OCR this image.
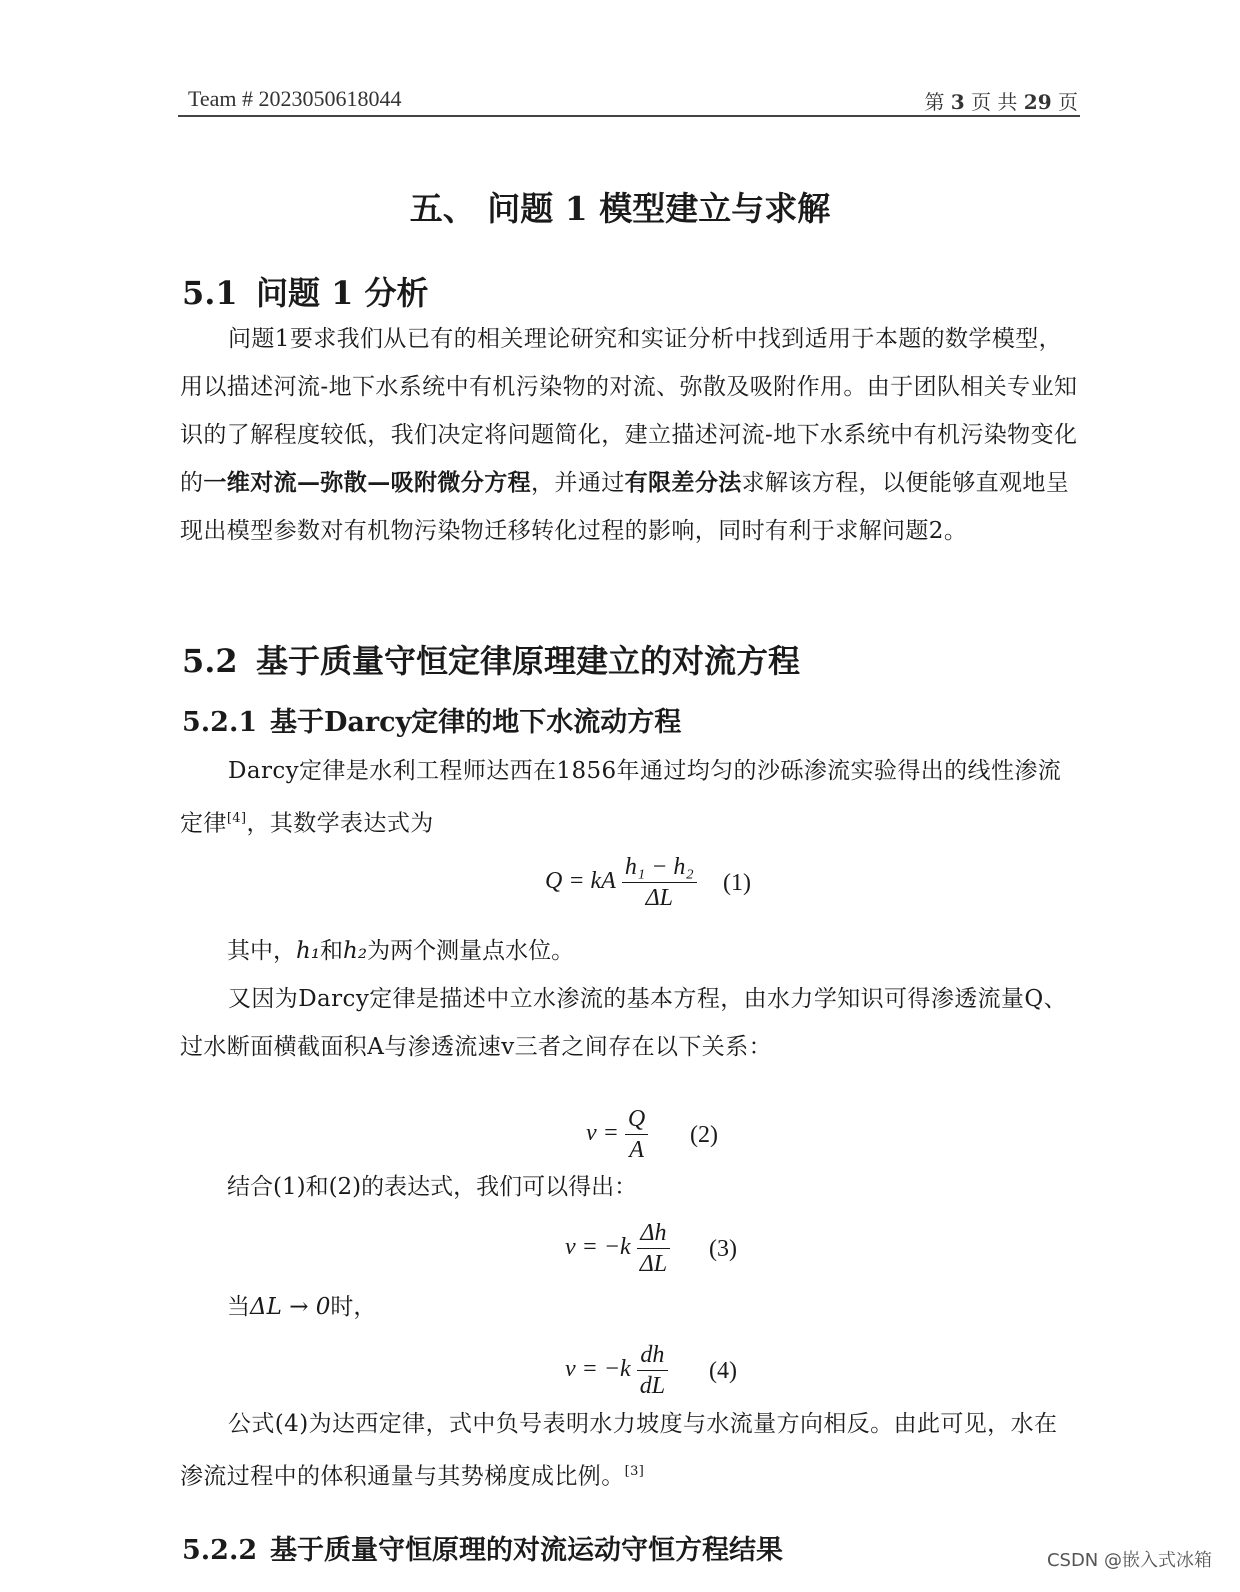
Team # 2023050618044	第 3 页 共 29 页
五、 问题 1 模型建立与求解
5.1 问题 1 分析

问题1要求我们从已有的相关理论研究和实证分析中找到适用于本题的数学模型，用以描述河流-地下水系统中有机污染物的对流、弥散及吸附作用。由于团队相关专业知识的了解程度较低，我们决定将问题简化，建立描述河流-地下水系统中有机污染物变化的一维对流—弥散—吸附微分方程，并通过有限差分法求解该方程，以便能够直观地呈现出模型参数对有机物污染物迁移转化过程的影响，同时有利于求解问题2。

5.2 基于质量守恒定律原理建立的对流方程
5.2.1 基于Darcy定律的地下水流动方程

Darcy定律是水利工程师达西在1856年通过均匀的沙砾渗流实验得出的线性渗流定律[4]，其数学表达式为

Q = kA $\frac{\text{h₁ − h₂}}{\Delta L} (1)$
其中，h₁和h₂为两个测量点水位。

又因为Darcy定律是描述中立水渗流的基本方程，由水力学知识可得渗透流量Q、过水断面横截面积A与渗透流速v三者之间存在以下关系：

$v = \frac{Q}{A} (2)$
结合(1)和(2)的表达式，我们可以得出：
$v = -k \frac{\Delta h}{\Delta L} (3)$
当ΔL → 0时，
$v = -k \frac{dh}{dL} (4)$

公式(4)为达西定律，式中负号表明水力坡度与水流量方向相反。由此可见，水在渗流过程中的体积通量与其势梯度成比例。[3]

5.2.2 基于质量守恒原理的对流运动守恒方程结果	CSDN @嵌入式冰箱
